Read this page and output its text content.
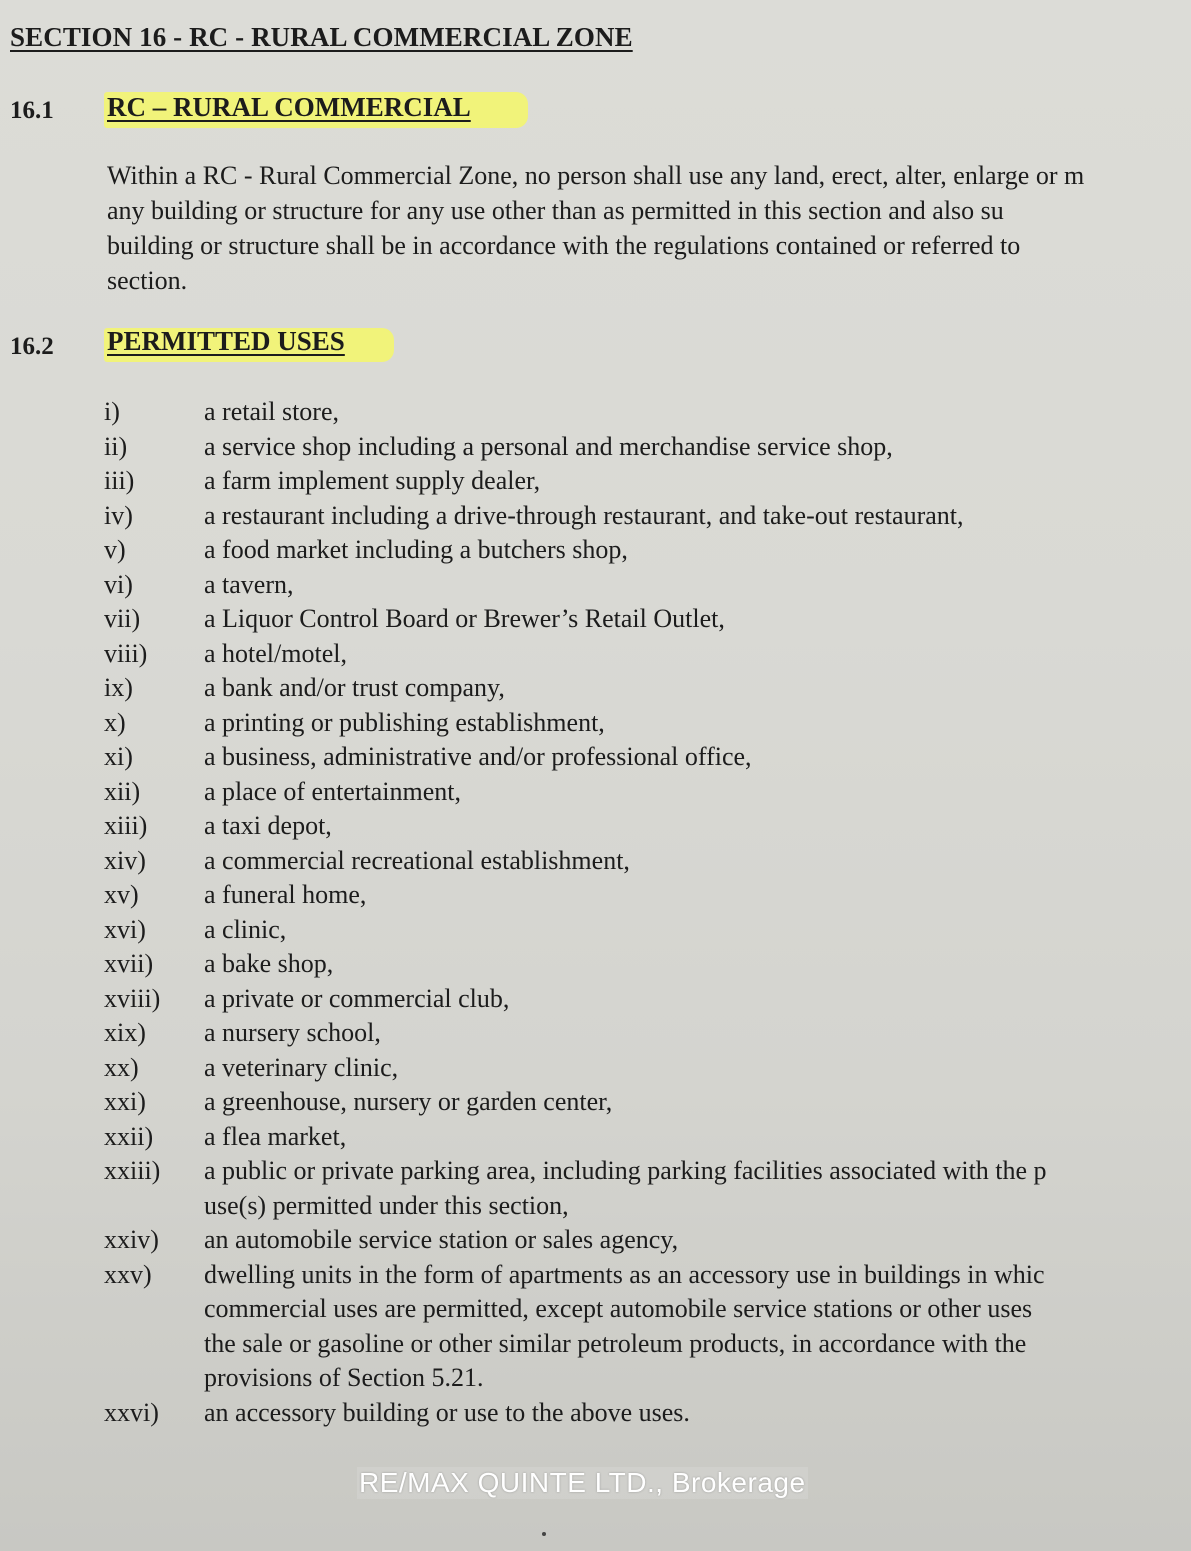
SECTION 16 - RC - RURAL COMMERCIAL ZONE
16.1 RC – RURAL COMMERCIAL
Within a RC - Rural Commercial Zone, no person shall use any land, erect, alter, enlarge or m
any building or structure for any use other than as permitted in this section and also su
building or structure shall be in accordance with the regulations contained or referred to
section.
16.2 PERMITTED USES
i)	a retail store,
ii)	a service shop including a personal and merchandise service shop,
iii)	a farm implement supply dealer,
iv)	a restaurant including a drive-through restaurant, and take-out restaurant,
v)	a food market including a butchers shop,
vi)	a tavern,
vii) a Liquor Control Board or Brewer’s Retail Outlet,
viii) a hotel/motel,
ix)	a bank and/or trust company,
x)	a printing or publishing establishment,
xi)	a business, administrative and/or professional office,
xii) a place of entertainment,
xiii) a taxi depot,
xiv) a commercial recreational establishment,
xv)	a funeral home,
xvi) a clinic,
xvii) a bake shop,
xviii) a private or commercial club,
xix) a nursery school,
xx)	a veterinary clinic,
xxi) a greenhouse, nursery or garden center,
xxii) a flea market,
xxiii) a public or private parking area, including parking facilities associated with the p
use(s) permitted under this section,
xxiv) an automobile service station or sales agency,
xxv) dwelling units in the form of apartments as an accessory use in buildings in whic
commercial uses are permitted, except automobile service stations or other uses
the sale or gasoline or other similar petroleum products, in accordance with the
provisions of Section 5.21.
xxvi) an accessory building or use to the above uses.
RE/MAX QUINTE LTD., Brokerage
